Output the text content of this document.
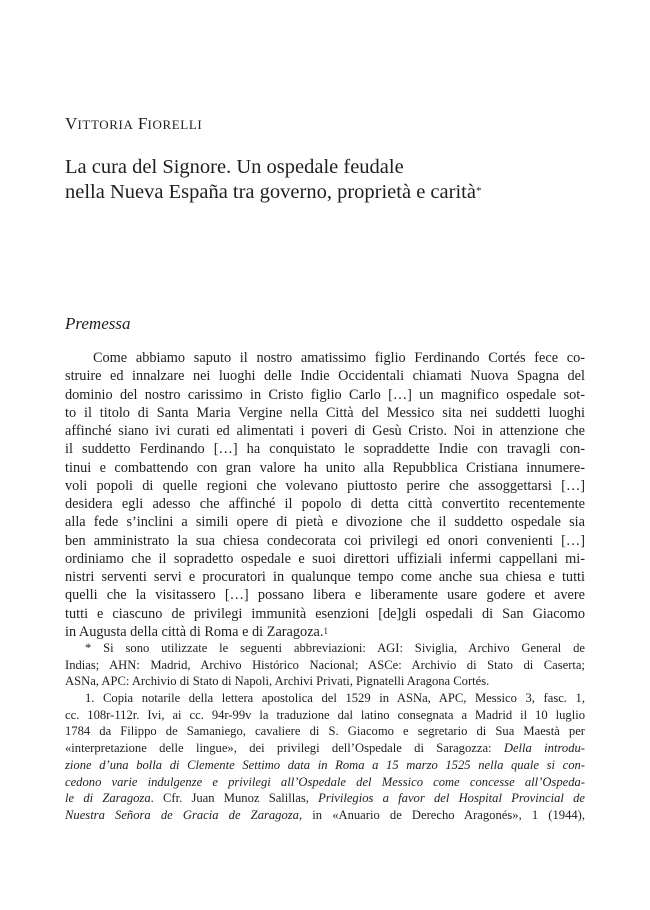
VITTORIA FIORELLI
La cura del Signore. Un ospedale feudale
nella Nueva España tra governo, proprietà e carità*
Premessa
Come abbiamo saputo il nostro amatissimo figlio Ferdinando Cortés fece co-
struire ed innalzare nei luoghi delle Indie Occidentali chiamati Nuova Spagna del
dominio del nostro carissimo in Cristo figlio Carlo […] un magnifico ospedale sot-
to il titolo di Santa Maria Vergine nella Città del Messico sita nei suddetti luoghi
affinché siano ivi curati ed alimentati i poveri di Gesù Cristo. Noi in attenzione che
il suddetto Ferdinando […] ha conquistato le sopraddette Indie con travagli con-
tinui e combattendo con gran valore ha unito alla Repubblica Cristiana innumere-
voli popoli di quelle regioni che volevano piuttosto perire che assoggettarsi […]
desidera egli adesso che affinché il popolo di detta città convertito recentemente
alla fede s’inclini a simili opere di pietà e divozione che il suddetto ospedale sia
ben amministrato la sua chiesa condecorata coi privilegi ed onori convenienti […]
ordiniamo che il sopradetto ospedale e suoi direttori uffiziali infermi cappellani mi-
nistri serventi servi e procuratori in qualunque tempo come anche sua chiesa e tutti
quelli che la visitassero […] possano libera e liberamente usare godere et avere
tutti e ciascuno de privilegi immunità esenzioni [de]gli ospedali di San Giacomo
in Augusta della città di Roma e di Zaragoza.$^1$
* Si sono utilizzate le seguenti abbreviazioni: AGI: Siviglia, Archivo General de
Indias; AHN: Madrid, Archivo Histórico Nacional; ASCe: Archivio di Stato di Caserta;
ASNa, APC: Archivio di Stato di Napoli, Archivi Privati, Pignatelli Aragona Cortés.
1. Copia notarile della lettera apostolica del 1529 in ASNa, APC, Messico 3, fasc. 1,
cc. 108r-112r. Ivi, ai cc. 94r-99v la traduzione dal latino consegnata a Madrid il 10 luglio
1784 da Filippo de Samaniego, cavaliere di S. Giacomo e segretario di Sua Maestà per
«interpretazione delle lingue», dei privilegi dell’Ospedale di Saragozza: Della introdu-
zione d’una bolla di Clemente Settimo data in Roma a 15 marzo 1525 nella quale si con-
cedono varie indulgenze e privilegi all’Ospedale del Messico come concesse all’Ospeda-
le di Zaragoza. Cfr. Juan Munoz Salillas, Privilegios a favor del Hospital Provincial de
Nuestra Señora de Gracia de Zaragoza, in «Anuario de Derecho Aragonés», 1 (1944),
